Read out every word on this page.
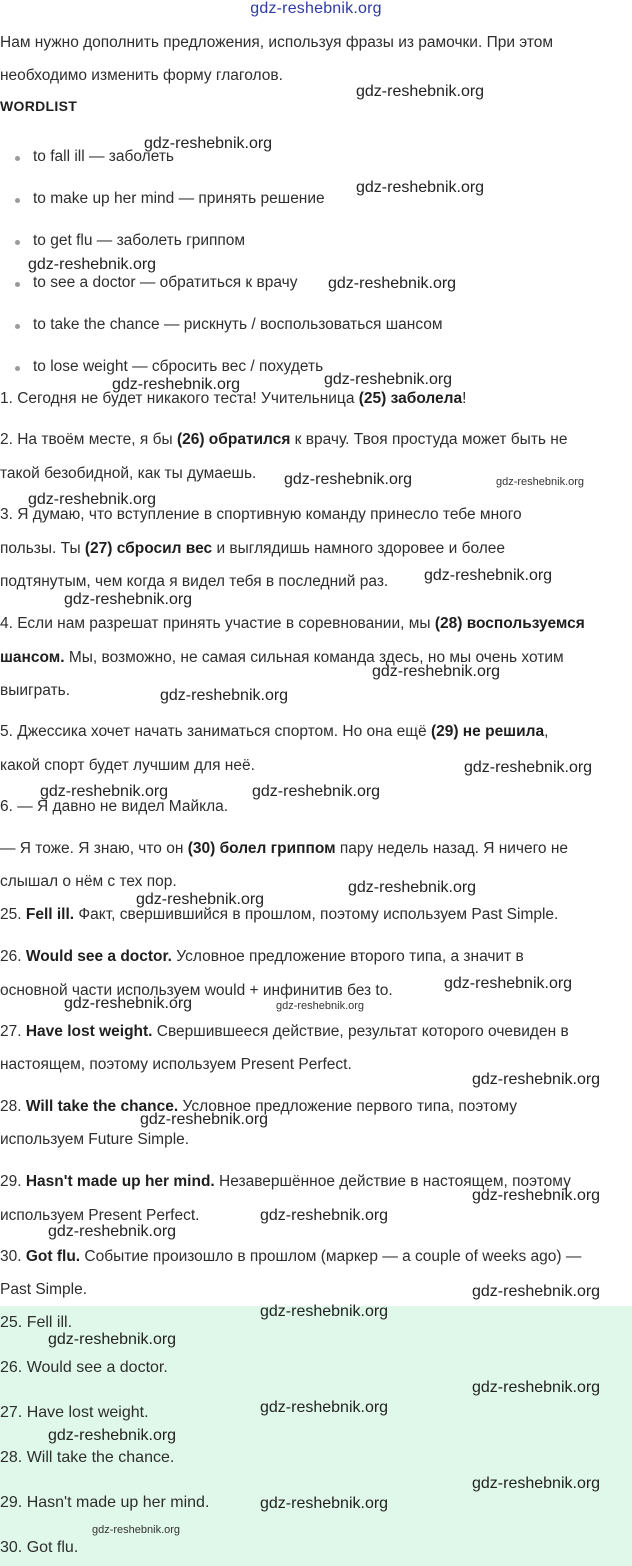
gdz-reshebnik.org
Нам нужно дополнить предложения, используя фразы из рамочки. При этом
необходимо изменить форму глаголов.
WORDLIST
to fall ill — заболеть
to make up her mind — принять решение
to get flu — заболеть гриппом
to see a doctor — обратиться к врачу
to take the chance — рискнуть / воспользоваться шансом
to lose weight — сбросить вес / похудеть
1. Сегодня не будет никакого теста! Учительница (25) заболела!
2. На твоём месте, я бы (26) обратился к врачу. Твоя простуда может быть не
такой безобидной, как ты думаешь.
3. Я думаю, что вступление в спортивную команду принесло тебе много
пользы. Ты (27) сбросил вес и выглядишь намного здоровее и более
подтянутым, чем когда я видел тебя в последний раз.
4. Если нам разрешат принять участие в соревновании, мы (28) воспользуемся
шансом. Мы, возможно, не самая сильная команда здесь, но мы очень хотим
выиграть.
5. Джессика хочет начать заниматься спортом. Но она ещё (29) не решила,
какой спорт будет лучшим для неё.
6. — Я давно не видел Майкла.
— Я тоже. Я знаю, что он (30) болел гриппом пару недель назад. Я ничего не
слышал о нём с тех пор.
25. Fell ill. Факт, свершившийся в прошлом, поэтому используем Past Simple.
26. Would see a doctor. Условное предложение второго типа, а значит в
основной части используем would + инфинитив без to.
27. Have lost weight. Свершившееся действие, результат которого очевиден в
настоящем, поэтому используем Present Perfect.
28. Will take the chance. Условное предложение первого типа, поэтому
используем Future Simple.
29. Hasn't made up her mind. Незавершённое действие в настоящем, поэтому
используем Present Perfect.
30. Got flu. Событие произошло в прошлом (маркер — a couple of weeks ago) —
Past Simple.
25. Fell ill.
26. Would see a doctor.
27. Have lost weight.
28. Will take the chance.
29. Hasn't made up her mind.
30. Got flu.
gdz-reshebnik.org
gdz-reshebnik.org
gdz-reshebnik.org
gdz-reshebnik.org
gdz-reshebnik.org
gdz-reshebnik.org	gdz-reshebnik.org
gdz-reshebnik.org	gdz-reshebnik.org
gdz-reshebnik.org
gdz-reshebnik.org
gdz-reshebnik.org
gdz-reshebnik.org
gdz-reshebnik.org
gdz-reshebnik.org
gdz-reshebnik.org	gdz-reshebnik.org
gdz-reshebnik.org
gdz-reshebnik.org
gdz-reshebnik.org
gdz-reshebnik.org	gdz-reshebnik.org
gdz-reshebnik.org
gdz-reshebnik.org
gdz-reshebnik.org
gdz-reshebnik.org
gdz-reshebnik.org
gdz-reshebnik.org
gdz-reshebnik.org
gdz-reshebnik.org
gdz-reshebnik.org
gdz-reshebnik.org
gdz-reshebnik.org
gdz-reshebnik.org
gdz-reshebnik.org
gdz-reshebnik.org
